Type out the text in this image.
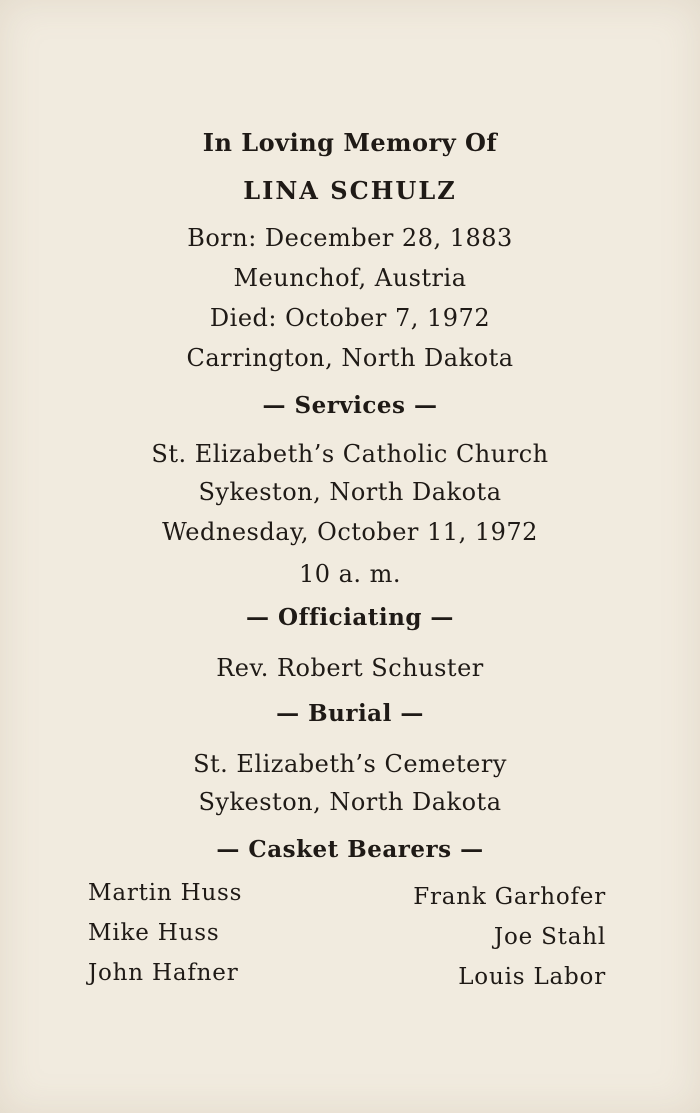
In Loving Memory Of
LINA SCHULZ
Born: December 28, 1883
Meunchof, Austria
Died: October 7, 1972
Carrington, North Dakota
— Services —
St. Elizabeth’s Catholic Church
Sykeston, North Dakota
Wednesday, October 11, 1972
10 a. m.
— Officiating —
Rev. Robert Schuster
— Burial —
St. Elizabeth’s Cemetery
Sykeston, North Dakota
— Casket Bearers —
Martin Huss
Mike Huss
John Hafner
Frank Garhofer
Joe Stahl
Louis Labor
